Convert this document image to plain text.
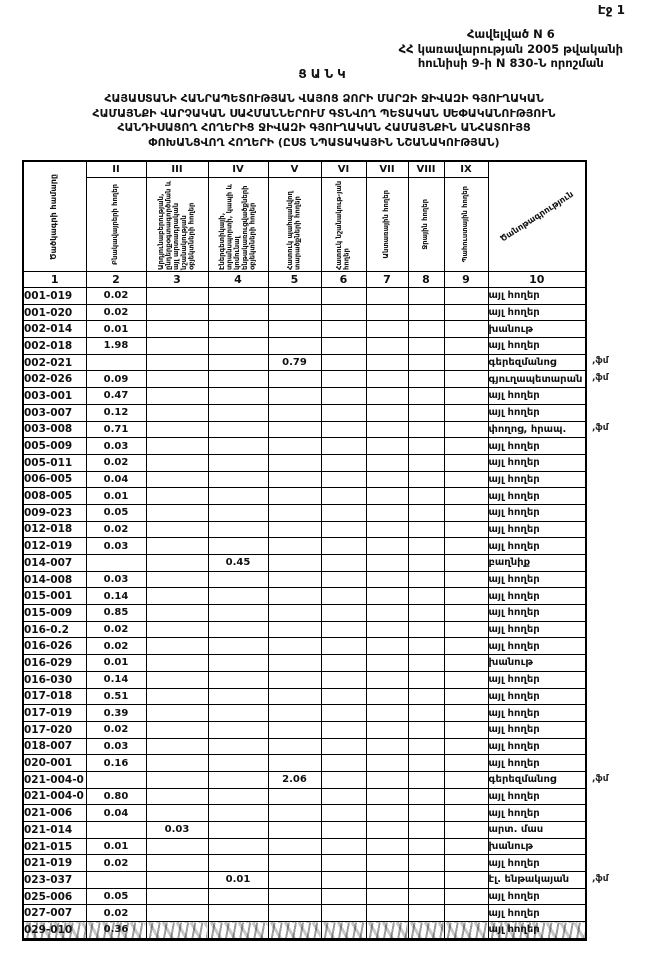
Էջ 1
Հավելված N 6
ՀՀ կառավարության 2005 թվականի
հունիսի 9-ի N 830-Ն որոշման
ՑԱՆԿ
ՀԱՅԱՍՏԱՆԻ ՀԱՆՐԱՊԵՏՈՒԹՅԱՆ ՎԱՅՈՑ ՁՈՐԻ ՄԱՐԶԻ ՋԻՎԱԶԻ ԳՅՈՒՂԱԿԱՆ
ՀԱՄԱՅՆՔԻ ՎԱՐՉԱԿԱՆ ՍԱՀՄԱՆՆԵՐՈՒՄ ԳՏՆՎՈՂ ՊԵՏԱԿԱՆ ՍԵՓԱԿԱՆՈՒԹՅՈՒՆ
ՀԱՆԴԻՍԱՑՈՂ ՀՈՂԵՐԻՑ ՋԻՎԱԶԻ ԳՅՈՒՂԱԿԱՆ ՀԱՄԱՅՆՔԻՆ ԱՆՀԱՏՈՒՅՑ
ՓՈԽԱՆՑՎՈՂ ՀՈՂԵՐԻ (ԸՍՏ ՆՊԱՏԱԿԱՅԻՆ ՆՇԱՆԱԿՈՒԹՅԱՆ)
Ծածկագրի համարը	II	III	IV	V	VI	VII	VIII	IX	Ծանոթագրություն

	Բնակավայրերի հողեր	Արդյունաբերության, ընդերքօգտագործման և այլ արտադրական նշանակության օբյեկտների հողեր	Էներգետիկայի, տրանսպորտի, կապի և կոմունալ ենթակառուցվածքների օբյեկտների հողեր	Հատուկ պահպանվող տարածքների հողեր	Հատուկ նշանակութ-յան հողեր	Անտառային հողեր	Ջրային հողեր	Պահուստային հողեր	

1	2	3	4	5	6	7	8	9	10
001-019	0.02								այլ հողեր
001-020	0.02								այլ հողեր
002-014	0.01								խանութ
002-018	1.98								այլ հողեր
002-021				0.79					գերեզմանոց
002-026	0.09								գյուղապետարան
003-001	0.47								այլ հողեր
003-007	0.12								այլ հողեր
003-008	0.71								փողոց, հրապ.
005-009	0.03								այլ հողեր
005-011	0.02								այլ հողեր
006-005	0.04								այլ հողեր
008-005	0.01								այլ հողեր
009-023	0.05								այլ հողեր
012-018	0.02								այլ հողեր
012-019	0.03								այլ հողեր
014-007			0.45						բաղնիք
014-008	0.03								այլ հողեր
015-001	0.14								այլ հողեր
015-009	0.85								այլ հողեր
016-0.2	0.02								այլ հողեր
016-026	0.02								այլ հողեր
016-029	0.01								խանութ
016-030	0.14								այլ հողեր
017-018	0.51								այլ հողեր
017-019	0.39								այլ հողեր
017-020	0.02								այլ հողեր
018-007	0.03								այլ հողեր
020-001	0.16								այլ հողեր
021-004-0				2.06					գերեզմանոց
021-004-0	0.80								այլ հողեր
021-006	0.04								այլ հողեր
021-014		0.03							արտ. մաս
021-015	0.01								խանութ
021-019	0.02								այլ հողեր
023-037			0.01						էլ. ենթակայան
025-006	0.05								այլ հողեր
027-007	0.02								այլ հողեր
029-010	0.36								այլ հողեր
,ֆմ
,ֆմ
,ֆմ
,ֆմ
,ֆմ
